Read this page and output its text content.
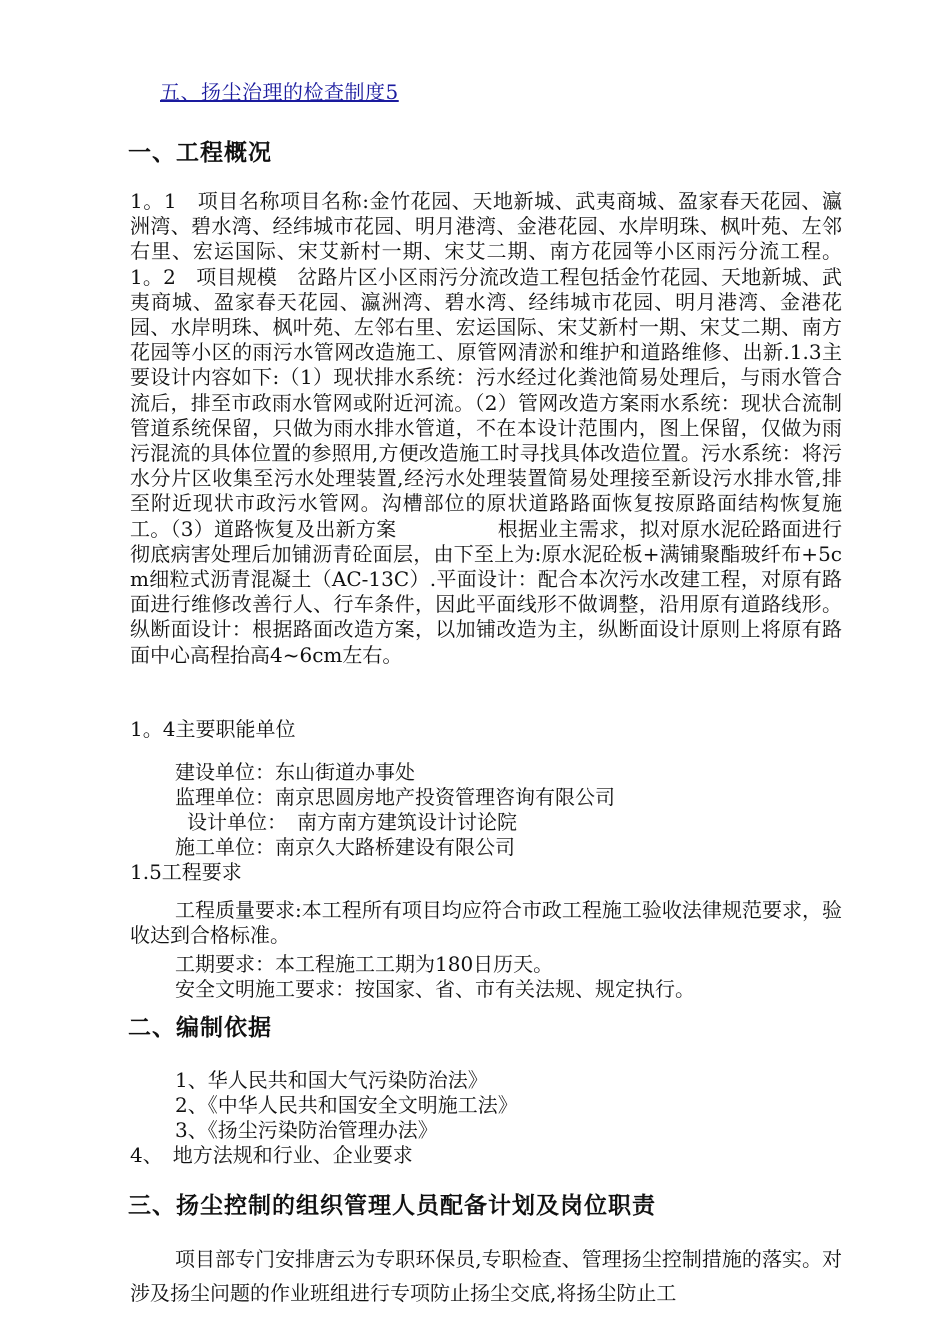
五、扬尘治理的检查制度5
一、工程概况

1。1　项目名称项目名称:金竹花园、天地新城、武夷商城、盈家春天花园、瀛洲湾、碧水湾、经纬城市花园、明月港湾、金港花园、水岸明珠、枫叶苑、左邻右里、宏运国际、宋艾新村一期、宋艾二期、南方花园等小区雨污分流工程。1。2　项目规模　岔路片区小区雨污分流改造工程包括金竹花园、天地新城、武夷商城、盈家春天花园、瀛洲湾、碧水湾、经纬城市花园、明月港湾、金港花园、水岸明珠、枫叶苑、左邻右里、宏运国际、宋艾新村一期、宋艾二期、南方花园等小区的雨污水管网改造施工、原管网清淤和维护和道路维修、出新.1.3主要设计内容如下:（1）现状排水系统：污水经过化粪池简易处理后，与雨水管合流后，排至市政雨水管网或附近河流。（2）管网改造方案雨水系统：现状合流制管道系统保留，只做为雨水排水管道，不在本设计范围内，图上保留，仅做为雨污混流的具体位置的参照用,方便改造施工时寻找具体改造位置。污水系统：将污水分片区收集至污水处理装置,经污水处理装置简易处理接至新设污水排水管,排至附近现状市政污水管网。沟槽部位的原状道路路面恢复按原路面结构恢复施工。（3）道路恢复及出新方案　　　　　根据业主需求，拟对原水泥砼路面进行彻底病害处理后加铺沥青砼面层，由下至上为:原水泥砼板+满铺聚酯玻纤布+5cm细粒式沥青混凝土（AC-13C）.平面设计：配合本次污水改建工程，对原有路面进行维修改善行人、行车条件，因此平面线形不做调整，沿用原有道路线形。纵断面设计：根据路面改造方案，以加铺改造为主，纵断面设计原则上将原有路面中心高程抬高4~6cm左右。

1。4主要职能单位

建设单位：东山街道办事处

监理单位：南京思圆房地产投资管理咨询有限公司

设计单位：　南方南方建筑设计讨论院

施工单位：南京久大路桥建设有限公司

1.5工程要求

工程质量要求:本工程所有项目均应符合市政工程施工验收法律规范要求，验收达到合格标准。

工期要求：本工程施工工期为180日历天。

安全文明施工要求：按国家、省、市有关法规、规定执行。

二、编制依据

1、华人民共和国大气污染防治法》

2、《中华人民共和国安全文明施工法》

3、《扬尘污染防治管理办法》

4、　地方法规和行业、企业要求

三、扬尘控制的组织管理人员配备计划及岗位职责

项目部专门安排唐云为专职环保员,专职检查、管理扬尘控制措施的落实。对涉及扬尘问题的作业班组进行专项防止扬尘交底,将扬尘防止工
